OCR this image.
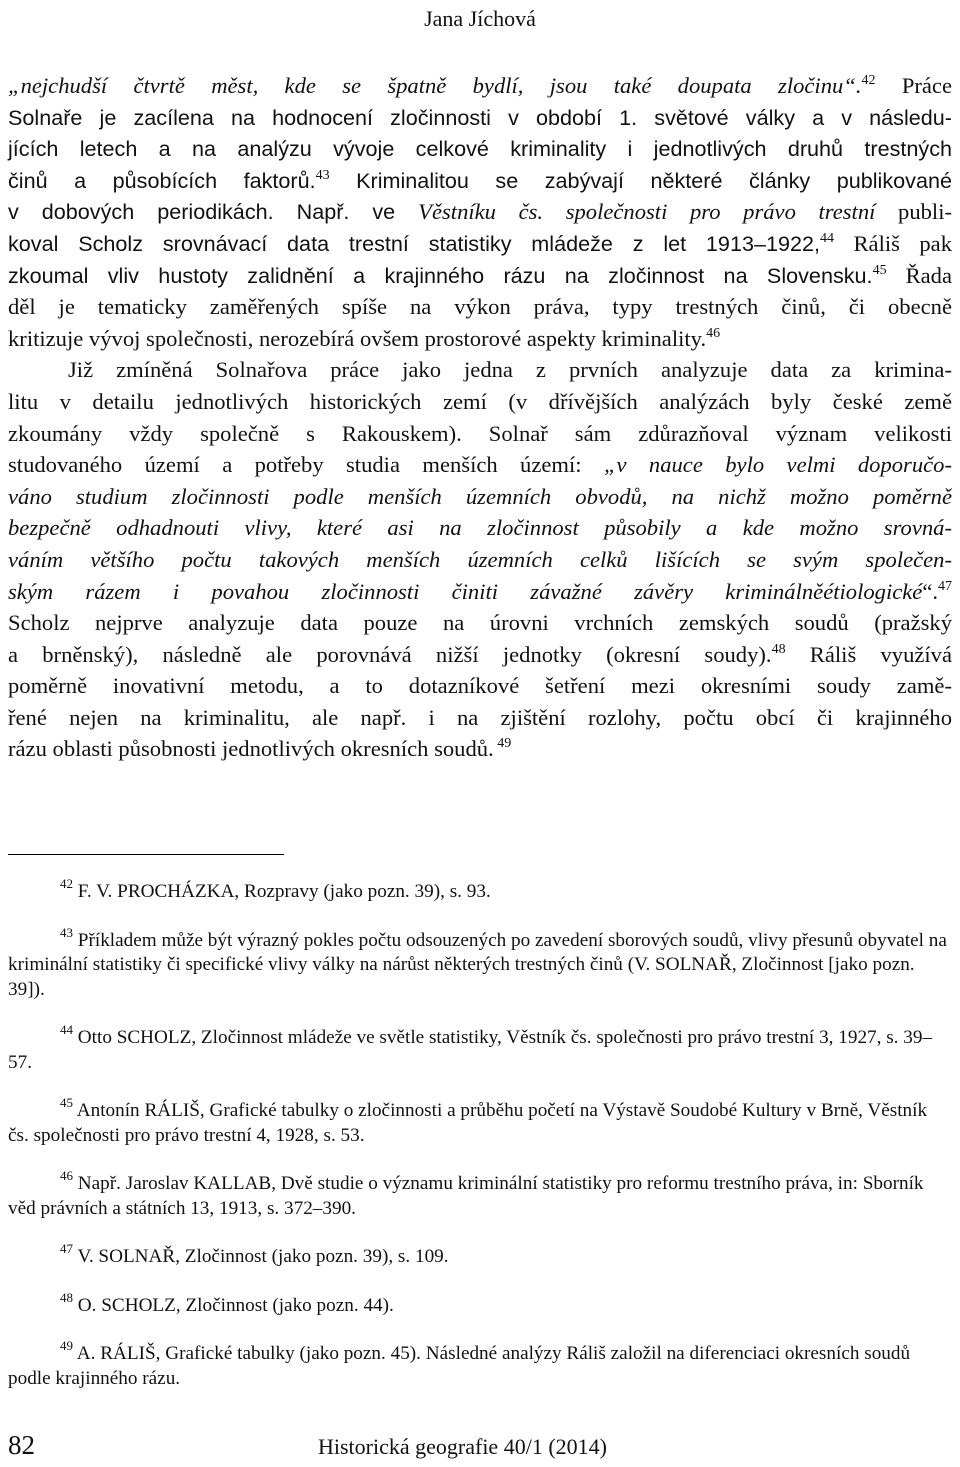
Jana Jíchová
„nejchudší čtvrtě měst, kde se špatně bydlí, jsou také doupata zločinu“.$^{42}$ Práce
Solnaře je zacílena na hodnocení zločinnosti v období 1. světové války a v následu-
jících letech a na analýzu vývoje celkové kriminality i jednotlivých druhů trestných
činů a působících faktorů.$^{43}$ Kriminalitou se zabývají některé články publikované
v dobových periodikách. Např. ve Věstníku čs. společnosti pro právo trestní publi-
koval Scholz srovnávací data trestní statistiky mládeže z let 1913–1922,44 Ráliš pak
zkoumal vliv hustoty zalidnění a krajinného rázu na zločinnost na Slovensku.$^{45}$ Řada
děl je tematicky zaměřených spíše na výkon práva, typy trestných činů, či obecně
kritizuje vývoj společnosti, nerozebírá ovšem prostorové aspekty kriminality.$^{46}$
Již zmíněná Solnařova práce jako jedna z prvních analyzuje data za krimina-
litu v detailu jednotlivých historických zemí (v dřívějších analýzách byly české země
zkoumány vždy společně s Rakouskem). Solnař sám zdůrazňoval význam velikosti
studovaného území a potřeby studia menších území: „v nauce bylo velmi doporučo-
váno studium zločinnosti podle menších územních obvodů, na nichž možno poměrně
bezpečně odhadnouti vlivy, které asi na zločinnost působily a kde možno srovná-
váním většího počtu takových menších územních celků lišících se svým společen-
ským rázem i povahou zločinnosti činiti závažné závěry kriminálněétiologické“.$^{47}$
Scholz nejprve analyzuje data pouze na úrovni vrchních zemských soudů (pražský
a brněnský), následně ale porovnává nižší jednotky (okresní soudy).$^{48}$ Ráliš využívá
poměrně inovativní metodu, a to dotazníkové šetření mezi okresními soudy zamě-
řené nejen na kriminalitu, ale např. i na zjištění rozlohy, počtu obcí či krajinného
rázu oblasti působnosti jednotlivých okresních soudů. $^{49}$
$^{42}$ F. V. PROCHÁZKA, Rozpravy (jako pozn. 39), s. 93.
$^{43}$ Příkladem může být výrazný pokles počtu odsouzených po zavedení sborových soudů, vlivy přesunů obyvatel na kriminální statistiky či specifické vlivy války na nárůst některých trestných činů (V. SOLNAŘ, Zločinnost [jako pozn. 39]).
$^{44}$ Otto SCHOLZ, Zločinnost mládeže ve světle statistiky, Věstník čs. společnosti pro právo trestní 3, 1927, s. 39–57.
$^{45}$ Antonín RÁLIŠ, Grafické tabulky o zločinnosti a průběhu početí na Výstavě Soudobé Kultury v Brně, Věstník čs. společnosti pro právo trestní 4, 1928, s. 53.
$^{46}$ Např. Jaroslav KALLAB, Dvě studie o významu kriminální statistiky pro reformu trestního práva, in: Sborník věd právních a státních 13, 1913, s. 372–390.
$^{47}$ V. SOLNAŘ, Zločinnost (jako pozn. 39), s. 109.
$^{48}$ O. SCHOLZ, Zločinnost (jako pozn. 44).
$^{49}$ A. RÁLIŠ, Grafické tabulky (jako pozn. 45). Následné analýzy Ráliš založil na diferenciaci okresních soudů podle krajinného rázu.
82	Historická geografie 40/1 (2014)
